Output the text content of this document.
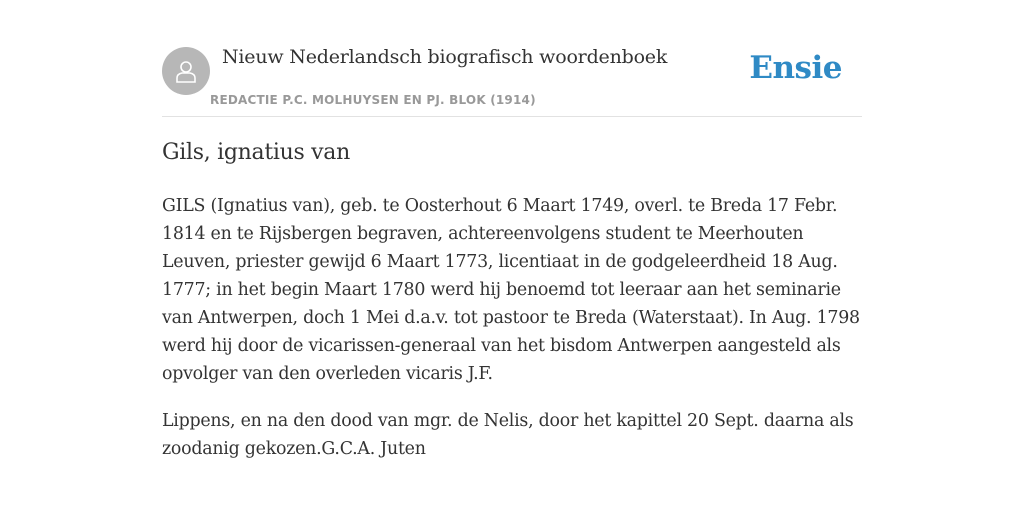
Nieuw Nederlandsch biografisch woordenboek
REDACTIE P.C. MOLHUYSEN EN PJ. BLOK (1914)
Ensie
Gils, ignatius van

GILS (Ignatius van), geb. te Oosterhout 6 Maart 1749, overl. te Breda 17 Febr. 1814 en te Rijsbergen begraven, achtereenvolgens student te Meerhouten Leuven, priester gewijd 6 Maart 1773, licentiaat in de godgeleerdheid 18 Aug. 1777; in het begin Maart 1780 werd hij benoemd tot leeraar aan het seminarie van Antwerpen, doch 1 Mei d.a.v. tot pastoor te Breda (Waterstaat). In Aug. 1798 werd hij door de vicarissen-generaal van het bisdom Antwerpen aangesteld als opvolger van den overleden vicaris J.F.

Lippens, en na den dood van mgr. de Nelis, door het kapittel 20 Sept. daarna als zoodanig gekozen.G.C.A. Juten
